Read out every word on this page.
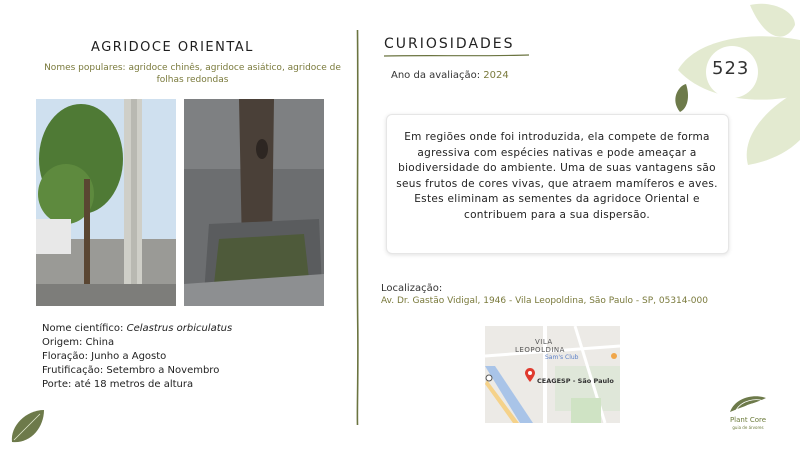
AGRIDOCE ORIENTAL
Nomes populares: agridoce chinês, agridoce asiático, agridoce de folhas redondas
Nome científico: Celastrus orbiculatus
Origem: China
Floração: Junho a Agosto
Frutificação: Setembro a Novembro
Porte: até 18 metros de altura
CURIOSIDADES
Ano da avaliação: 2024	523
Em regiões onde foi introduzida, ela compete de forma agressiva com espécies nativas e pode ameaçar a biodiversidade do ambiente. Uma de suas vantagens são seus frutos de cores vivas, que atraem mamíferos e aves. Estes eliminam as sementes da agridoce Oriental e contribuem para a sua dispersão.
Localização:
Av. Dr. Gastão Vidigal, 1946 - Vila Leopoldina, São Paulo - SP, 05314-000
VILA
LEOPOLDINA
Sam's Club
CEAGESP - São Paulo
Plant Core
guia de árvores
